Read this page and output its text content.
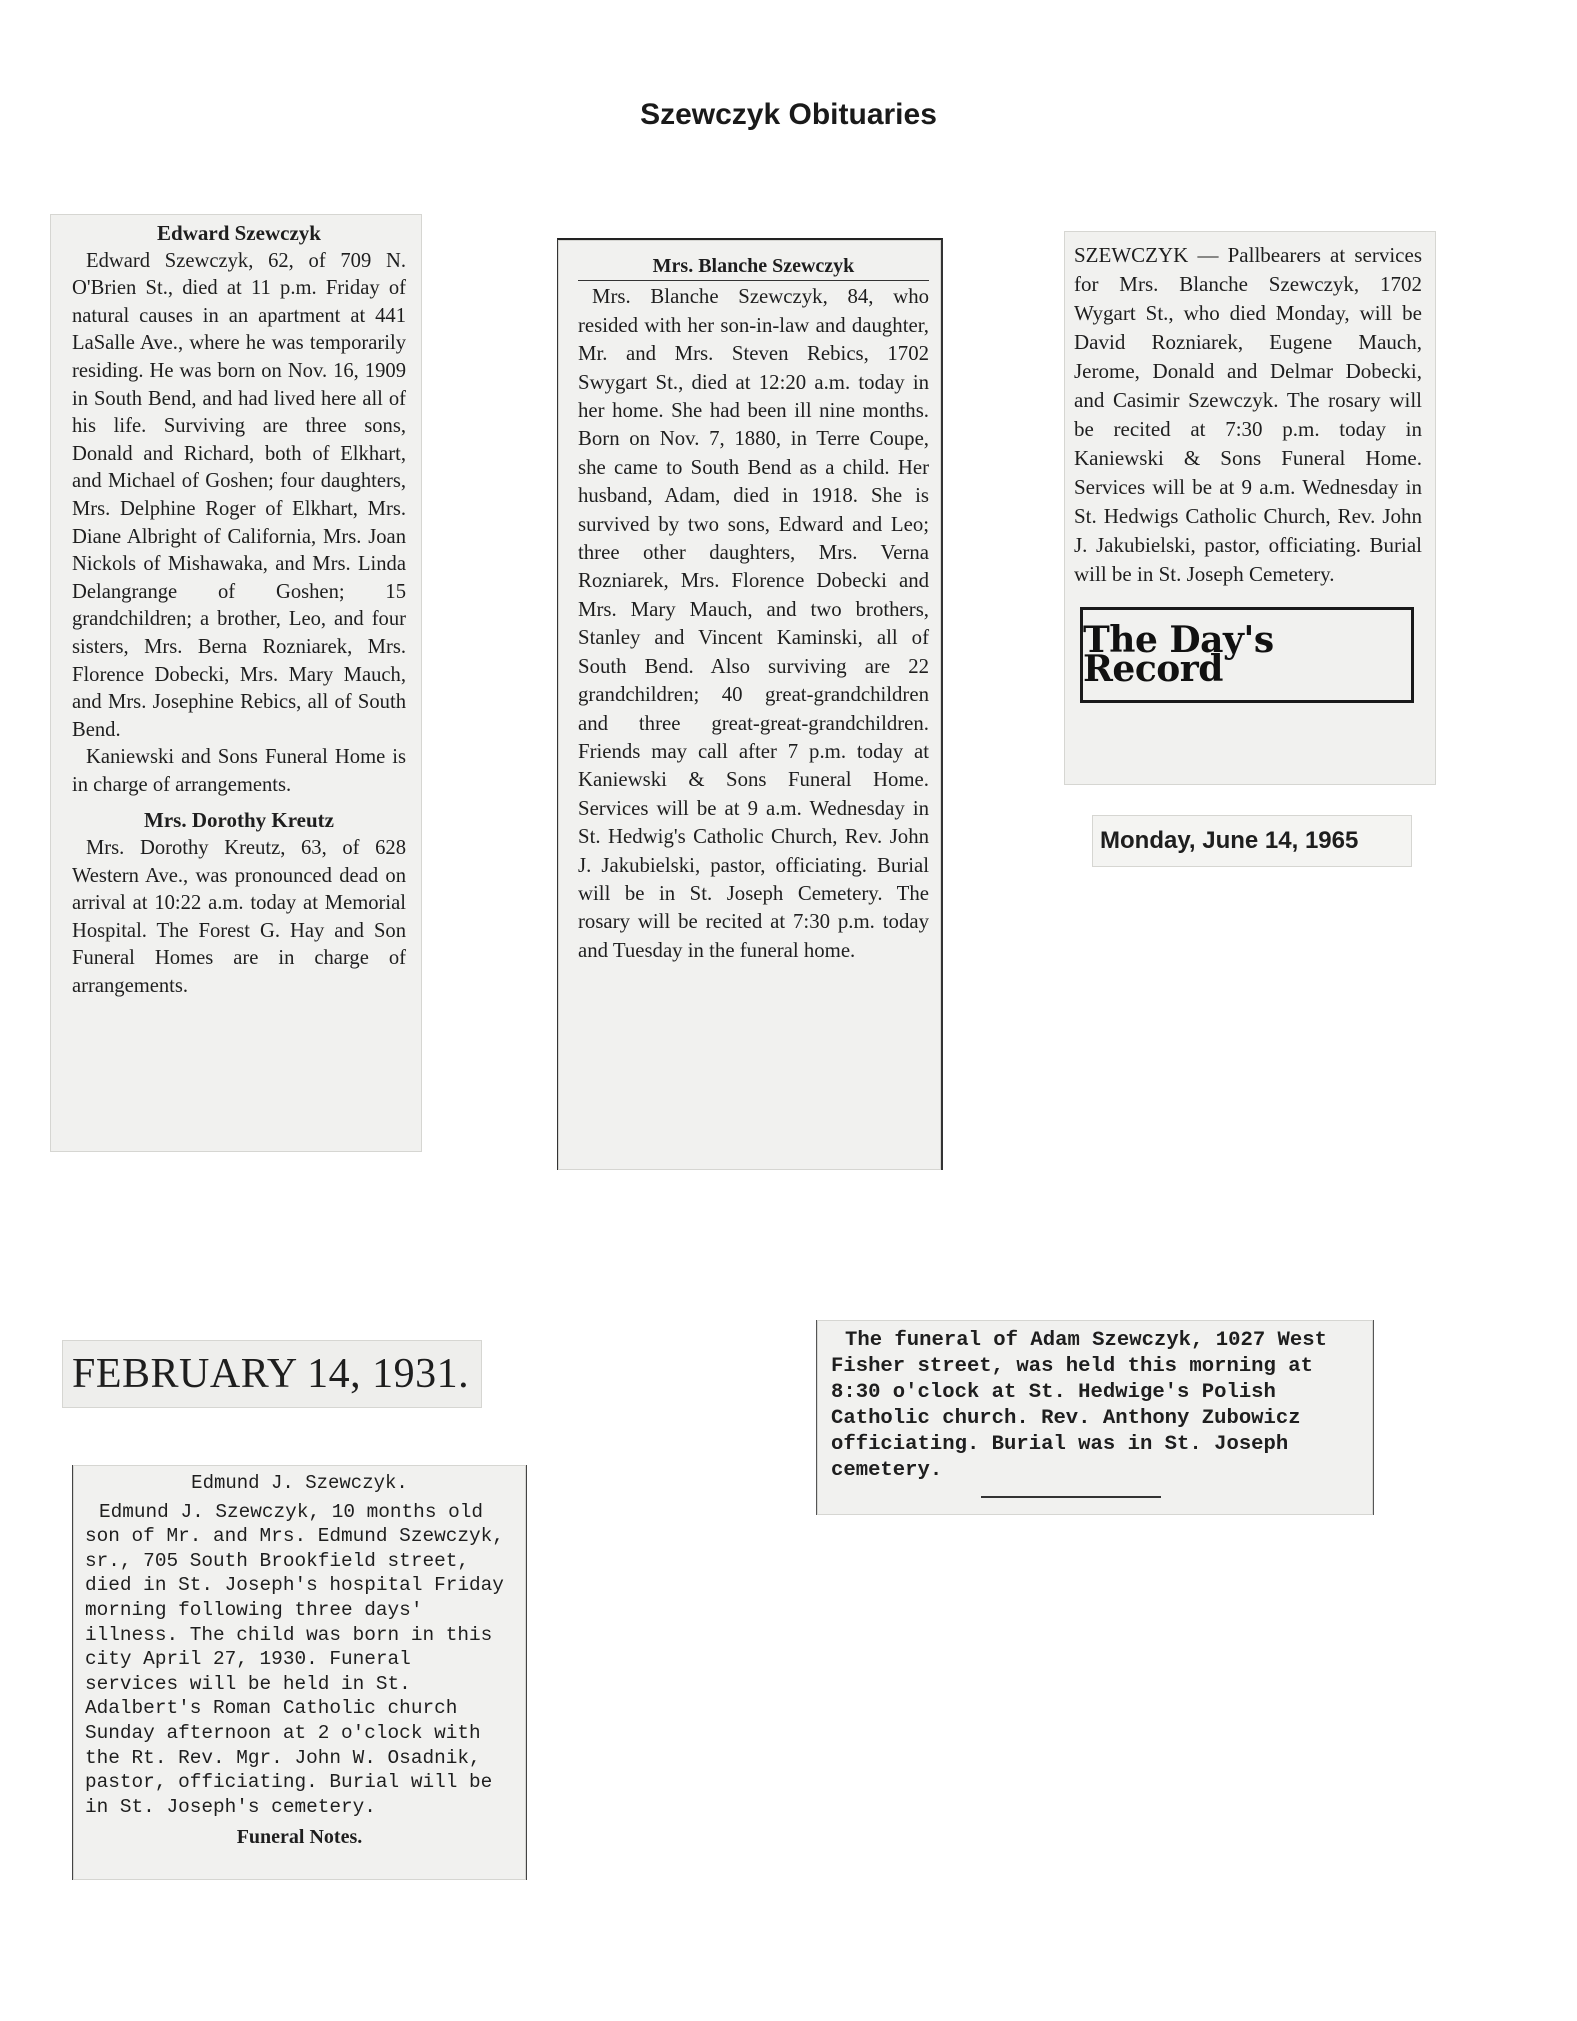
Szewczyk Obituaries
Edward Szewczyk

Edward Szewczyk, 62, of 709 N. O'Brien St., died at 11 p.m. Friday of natural causes in an apartment at 441 LaSalle Ave., where he was temporarily residing. He was born on Nov. 16, 1909 in South Bend, and had lived here all of his life. Surviving are three sons, Donald and Richard, both of Elkhart, and Michael of Goshen; four daughters, Mrs. Delphine Roger of Elkhart, Mrs. Diane Albright of California, Mrs. Joan Nickols of Mishawaka, and Mrs. Linda Delangrange of Goshen; 15 grandchildren; a brother, Leo, and four sisters, Mrs. Berna Rozniarek, Mrs. Florence Dobecki, Mrs. Mary Mauch, and Mrs. Josephine Rebics, all of South Bend.

Kaniewski and Sons Funeral Home is in charge of arrangements.

Mrs. Dorothy Kreutz

Mrs. Dorothy Kreutz, 63, of 628 Western Ave., was pronounced dead on arrival at 10:22 a.m. today at Memorial Hospital. The Forest G. Hay and Son Funeral Homes are in charge of arrangements.

Mrs. Blanche Szewczyk

Mrs. Blanche Szewczyk, 84, who resided with her son-in-law and daughter, Mr. and Mrs. Steven Rebics, 1702 Swygart St., died at 12:20 a.m. today in her home. She had been ill nine months. Born on Nov. 7, 1880, in Terre Coupe, she came to South Bend as a child. Her husband, Adam, died in 1918. She is survived by two sons, Edward and Leo; three other daughters, Mrs. Verna Rozniarek, Mrs. Florence Dobecki and Mrs. Mary Mauch, and two brothers, Stanley and Vincent Kaminski, all of South Bend. Also surviving are 22 grandchildren; 40 great-grandchildren and three great-great-grandchildren. Friends may call after 7 p.m. today at Kaniewski & Sons Funeral Home. Services will be at 9 a.m. Wednesday in St. Hedwig's Catholic Church, Rev. John J. Jakubielski, pastor, officiating. Burial will be in St. Joseph Cemetery. The rosary will be recited at 7:30 p.m. today and Tuesday in the funeral home.

SZEWCZYK — Pallbearers at services for Mrs. Blanche Szewczyk, 1702 Wygart St., who died Monday, will be David Rozniarek, Eugene Mauch, Jerome, Donald and Delmar Dobecki, and Casimir Szewczyk. The rosary will be recited at 7:30 p.m. today in Kaniewski & Sons Funeral Home. Services will be at 9 a.m. Wednesday in St. Hedwigs Catholic Church, Rev. John J. Jakubielski, pastor, officiating. Burial will be in St. Joseph Cemetery.

The Day's Record
Monday, June 14, 1965
FEBRUARY 14, 1931.
Edmund J. Szewczyk.

Edmund J. Szewczyk, 10 months old son of Mr. and Mrs. Edmund Szewczyk, sr., 705 South Brookfield street, died in St. Joseph's hospital Friday morning following three days' illness. The child was born in this city April 27, 1930. Funeral services will be held in St. Adalbert's Roman Catholic church Sunday afternoon at 2 o'clock with the Rt. Rev. Mgr. John W. Osadnik, pastor, officiating. Burial will be in St. Joseph's cemetery.

Funeral Notes.

The funeral of Adam Szewczyk, 1027 West Fisher street, was held this morning at 8:30 o'clock at St. Hedwige's Polish Catholic church. Rev. Anthony Zubowicz officiating. Burial was in St. Joseph cemetery.
